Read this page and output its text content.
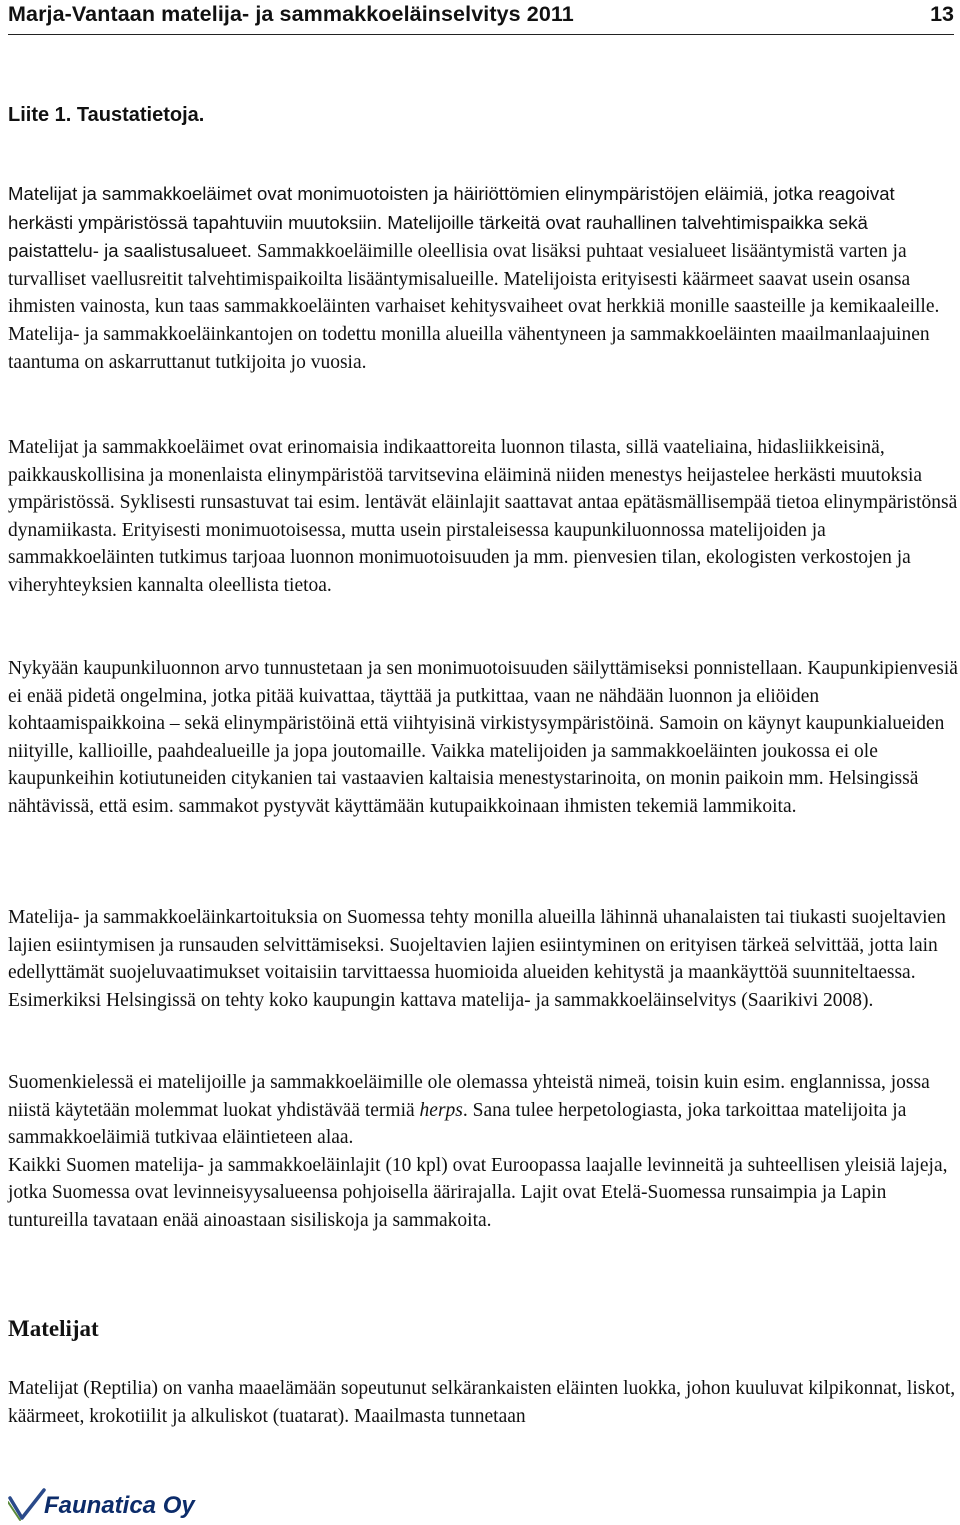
Marja-Vantaan matelija- ja sammakkoeläinselvitys 2011	13
Liite 1. Taustatietoja.

Matelijat ja sammakkoeläimet ovat monimuotoisten ja häiriöttömien elinympäristöjen eläimiä, jotka reagoivat herkästi ympäristössä tapahtuviin muutoksiin. Matelijoille tärkeitä ovat rauhallinen talvehtimispaikka sekä paistattelu- ja saalistusalueet. Sammakkoeläimille oleellisia ovat lisäksi puhtaat vesialueet lisääntymistä varten ja turvalliset vaellusreitit talvehtimispaikoilta lisääntymisalueille. Matelijoista erityisesti käärmeet saavat usein osansa ihmisten vainosta, kun taas sammakkoeläinten varhaiset kehitysvaiheet ovat herkkiä monille saasteille ja kemikaaleille. Matelija- ja sammakkoeläinkantojen on todettu monilla alueilla vähentyneen ja sammakkoeläinten maailmanlaajuinen taantuma on askarruttanut tutkijoita jo vuosia.

Matelijat ja sammakkoeläimet ovat erinomaisia indikaattoreita luonnon tilasta, sillä vaateliaina, hidasliikkeisinä, paikkauskollisina ja monenlaista elinympäristöä tarvitsevina eläiminä niiden menestys heijastelee herkästi muutoksia ympäristössä. Syklisesti runsastuvat tai esim. lentävät eläinlajit saattavat antaa epätäsmällisempää tietoa elinympäristönsä dynamiikasta. Erityisesti monimuotoisessa, mutta usein pirstaleisessa kaupunkiluonnossa matelijoiden ja sammakkoeläinten tutkimus tarjoaa luonnon monimuotoisuuden ja mm. pienvesien tilan, ekologisten verkostojen ja viheryhteyksien kannalta oleellista tietoa.

Nykyään kaupunkiluonnon arvo tunnustetaan ja sen monimuotoisuuden säilyttämiseksi ponnistellaan. Kaupunkipienvesiä ei enää pidetä ongelmina, jotka pitää kuivattaa, täyttää ja putkittaa, vaan ne nähdään luonnon ja eliöiden kohtaamispaikkoina – sekä elinympäristöinä että viihtyisinä virkistysympäristöinä. Samoin on käynyt kaupunkialueiden niityille, kallioille, paahdealueille ja jopa joutomaille. Vaikka matelijoiden ja sammakkoeläinten joukossa ei ole kaupunkeihin kotiutuneiden citykanien tai vastaavien kaltaisia menestystarinoita, on monin paikoin mm. Helsingissä nähtävissä, että esim. sammakot pystyvät käyttämään kutupaikkoinaan ihmisten tekemiä lammikoita.

Matelija- ja sammakkoeläinkartoituksia on Suomessa tehty monilla alueilla lähinnä uhanalaisten tai tiukasti suojeltavien lajien esiintymisen ja runsauden selvittämiseksi. Suojeltavien lajien esiintyminen on erityisen tärkeä selvittää, jotta lain edellyttämät suojeluvaatimukset voitaisiin tarvittaessa huomioida alueiden kehitystä ja maankäyttöä suunniteltaessa. Esimerkiksi Helsingissä on tehty koko kaupungin kattava matelija- ja sammakkoeläinselvitys (Saarikivi 2008).

Suomenkielessä ei matelijoille ja sammakkoeläimille ole olemassa yhteistä nimeä, toisin kuin esim. englannissa, jossa niistä käytetään molemmat luokat yhdistävää termiä herps. Sana tulee herpetologiasta, joka tarkoittaa matelijoita ja sammakkoeläimiä tutkivaa eläintieteen alaa.
Kaikki Suomen matelija- ja sammakkoeläinlajit (10 kpl) ovat Euroopassa laajalle levinneitä ja suhteellisen yleisiä lajeja, jotka Suomessa ovat levinneisyysalueensa pohjoisella äärirajalla. Lajit ovat Etelä-Suomessa runsaimpia ja Lapin tuntureilla tavataan enää ainoastaan sisiliskoja ja sammakoita.

Matelijat

Matelijat (Reptilia) on vanha maaelämään sopeutunut selkärankaisten eläinten luokka, johon kuuluvat kilpikonnat, liskot, käärmeet, krokotiilit ja alkuliskot (tuatarat). Maailmasta tunnetaan

Faunatica Oy
